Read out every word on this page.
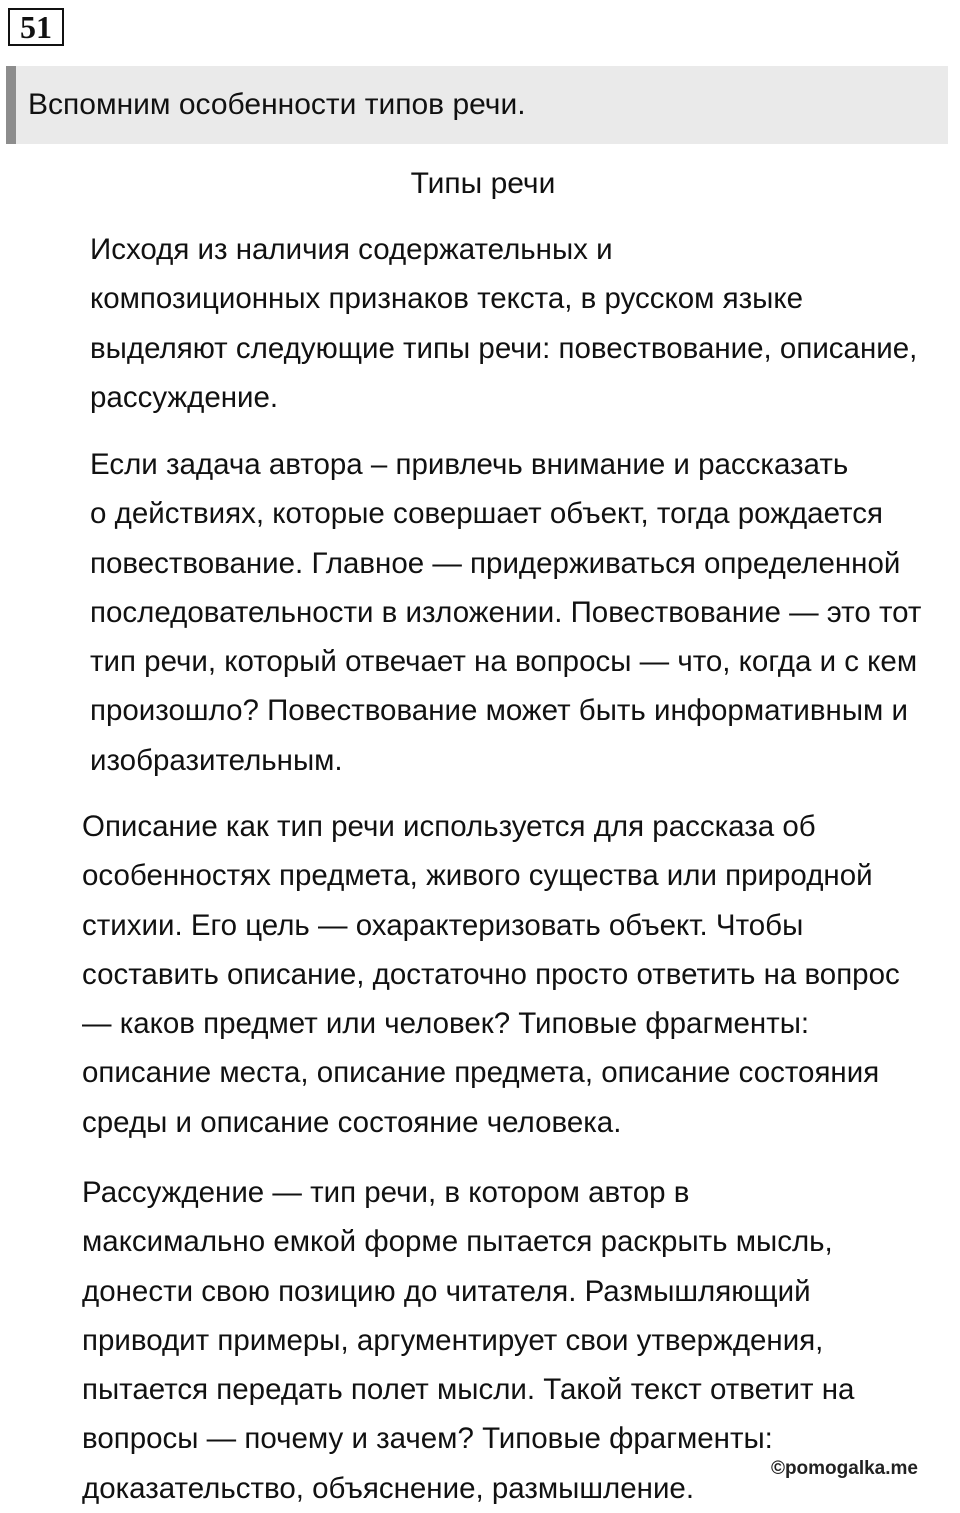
51
Вспомним особенности типов речи.
Типы речи

Исходя из наличия содержательных и
композиционных признаков текста, в русском языке
выделяют следующие типы речи: повествование, описание,
рассуждение.

Если задача автора – привлечь внимание и рассказать
о действиях, которые совершает объект, тогда рождается
повествование. Главное — придерживаться определенной
последовательности в изложении. Повествование — это тот
тип речи, который отвечает на вопросы — что, когда и с кем
произошло? Повествование может быть информативным и
изобразительным.

Описание как тип речи используется для рассказа об
особенностях предмета, живого существа или природной
стихии. Его цель — охарактеризовать объект. Чтобы
составить описание, достаточно просто ответить на вопрос
— каков предмет или человек? Типовые фрагменты:
описание места, описание предмета, описание состояния
среды и описание состояние человека.

Рассуждение — тип речи, в котором автор в
максимально емкой форме пытается раскрыть мысль,
донести свою позицию до читателя. Размышляющий
приводит примеры, аргументирует свои утверждения,
пытается передать полет мысли. Такой текст ответит на
вопросы — почему и зачем? Типовые фрагменты:
доказательство, объяснение, размышление.

©pomogalka.me
